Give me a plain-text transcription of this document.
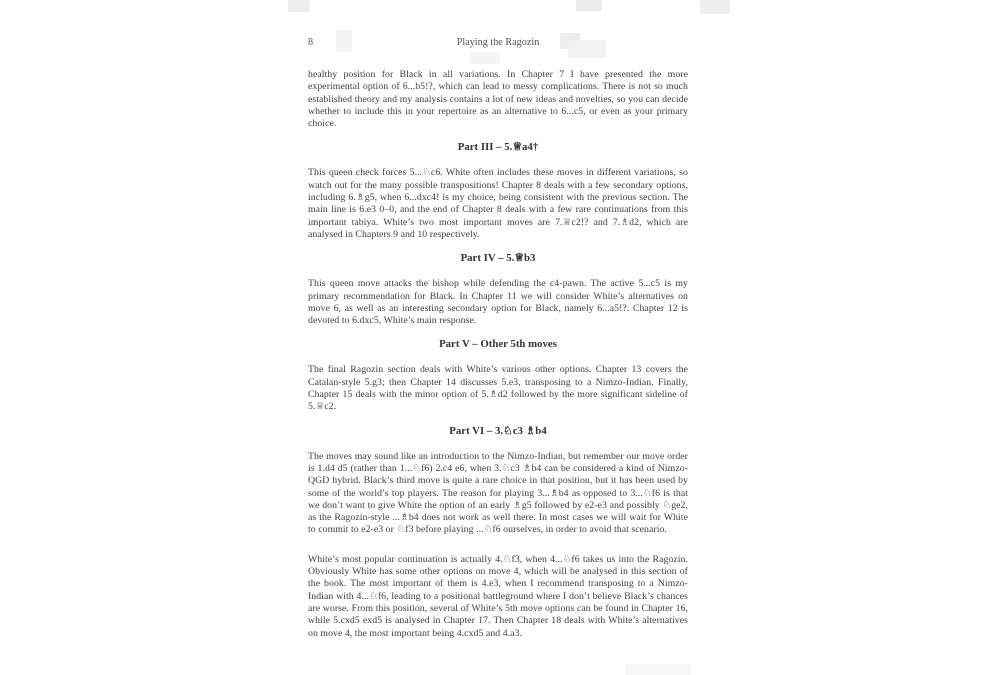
8	Playing the Ragozin

healthy position for Black in all variations. In Chapter 7 I have presented the more experimental option of 6...b5!?, which can lead to messy complications. There is not so much established theory and my analysis contains a lot of new ideas and novelties, so you can decide whether to include this in your repertoire as an alternative to 6...c5, or even as your primary choice.

Part III – 5.♕a4†

This queen check forces 5...♘c6. White often includes these moves in different variations, so watch out for the many possible transpositions! Chapter 8 deals with a few secondary options, including 6.♗g5, when 6...dxc4! is my choice, being consistent with the previous section. The main line is 6.e3 0–0, and the end of Chapter 8 deals with a few rare continuations from this important tabiya. White’s two most important moves are 7.♕c2!? and 7.♗d2, which are analysed in Chapters 9 and 10 respectively.

Part IV – 5.♕b3

This queen move attacks the bishop while defending the c4-pawn. The active 5...c5 is my primary recommendation for Black. In Chapter 11 we will consider White’s alternatives on move 6, as well as an interesting secondary option for Black, namely 6...a5!?. Chapter 12 is devoted to 6.dxc5, White’s main response.

Part V – Other 5th moves

The final Ragozin section deals with White’s various other options. Chapter 13 covers the Catalan-style 5.g3; then Chapter 14 discusses 5.e3, transposing to a Nimzo-Indian. Finally, Chapter 15 deals with the minor option of 5.♗d2 followed by the more significant sideline of 5.♕c2.

Part VI – 3.♘c3 ♗b4

The moves may sound like an introduction to the Nimzo-Indian, but remember our move order is 1.d4 d5 (rather than 1...♘f6) 2.c4 e6, when 3.♘c3 ♗b4 can be considered a kind of Nimzo-QGD hybrid. Black’s third move is quite a rare choice in that position, but it has been used by some of the world’s top players. The reason for playing 3...♗b4 as opposed to 3...♘f6 is that we don’t want to give White the option of an early ♗g5 followed by e2-e3 and possibly ♘ge2, as the Ragozin-style ...♗b4 does not work as well there. In most cases we will wait for White to commit to e2-e3 or ♘f3 before playing ...♘f6 ourselves, in order to avoid that scenario.

White’s most popular continuation is actually 4.♘f3, when 4...♘f6 takes us into the Ragozin. Obviously White has some other options on move 4, which will be analysed in this section of the book. The most important of them is 4.e3, when I recommend transposing to a Nimzo-Indian with 4...♘f6, leading to a positional battleground where I don’t believe Black’s chances are worse. From this position, several of White’s 5th move options can be found in Chapter 16, while 5.cxd5 exd5 is analysed in Chapter 17. Then Chapter 18 deals with White’s alternatives on move 4, the most important being 4.cxd5 and 4.a3.
